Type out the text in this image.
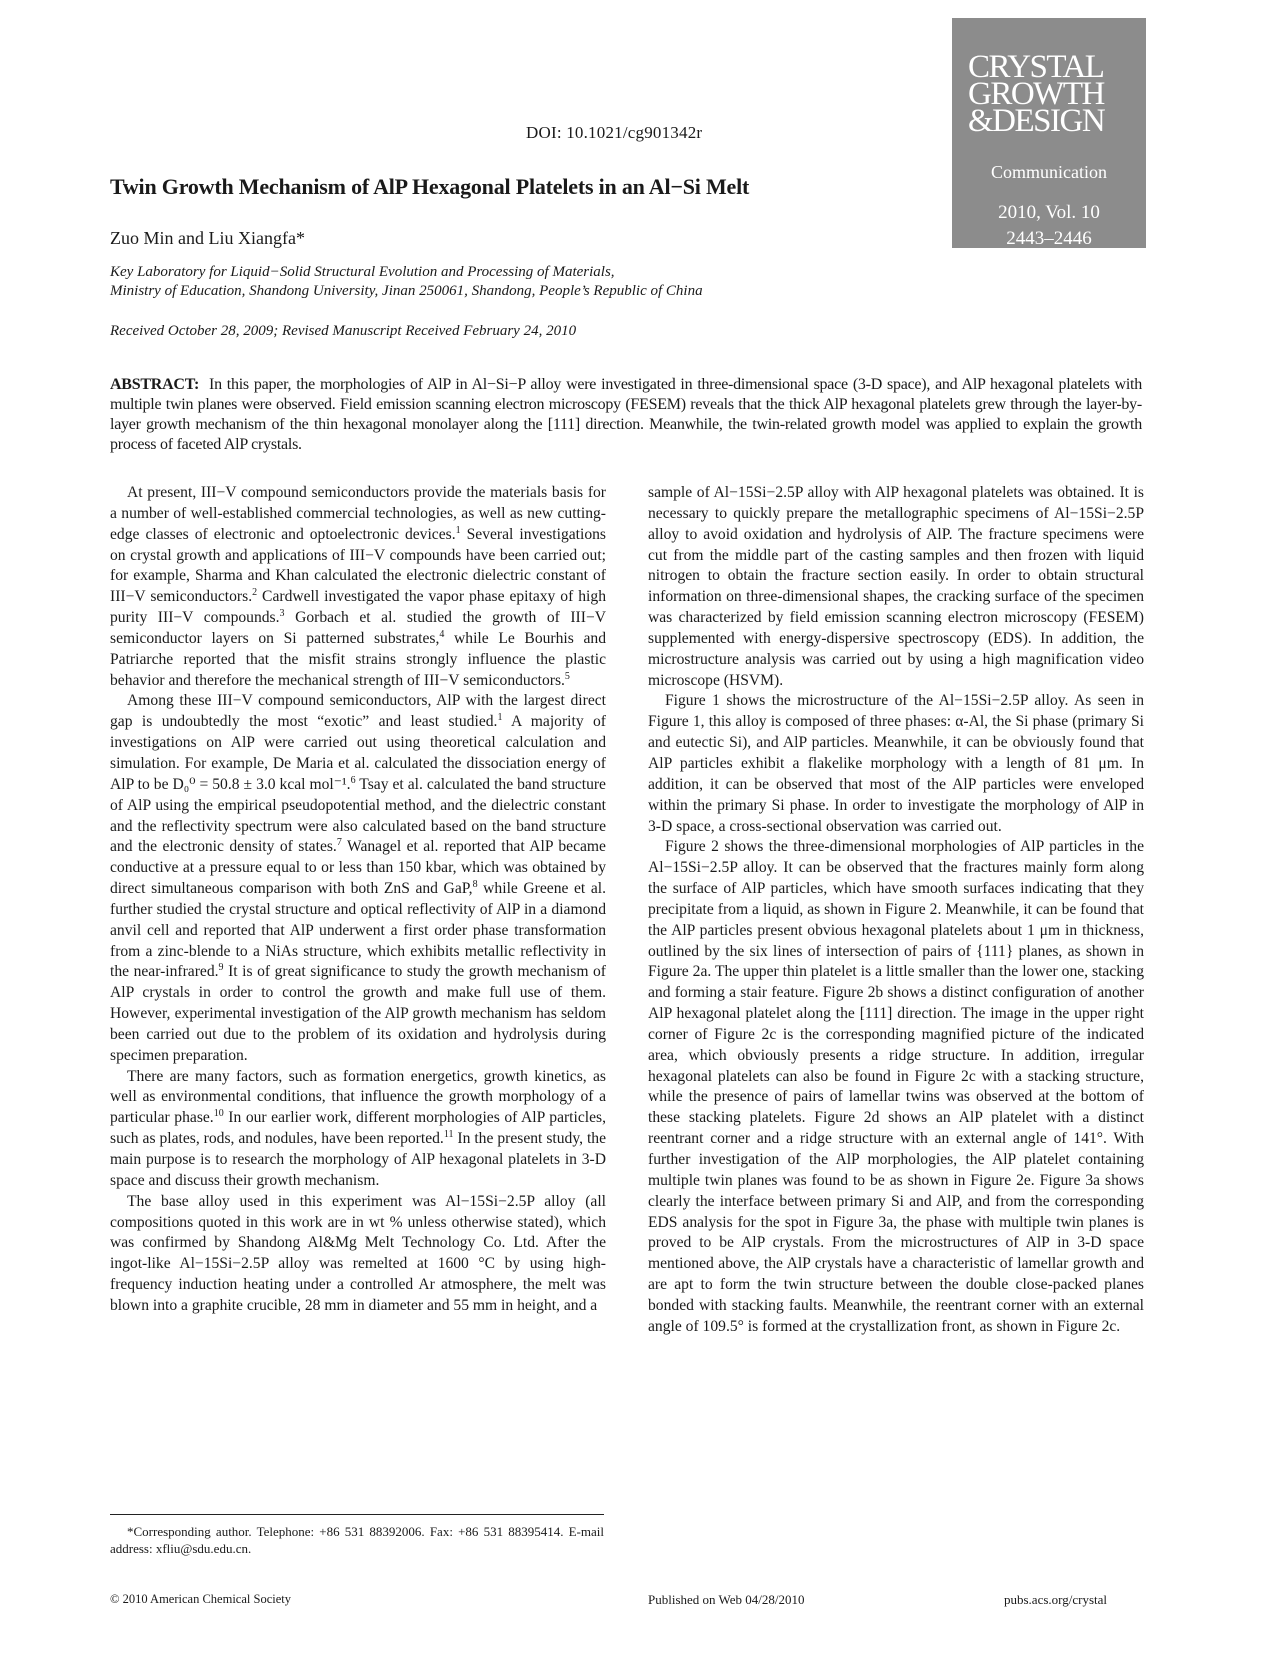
DOI: 10.1021/cg901342r
CRYSTAL
GROWTH
&DESIGN
Communication
2010, Vol. 10
2443–2446
Twin Growth Mechanism of AlP Hexagonal Platelets in an Al−Si Melt
Zuo Min and Liu Xiangfa*
Key Laboratory for Liquid−Solid Structural Evolution and Processing of Materials,
Ministry of Education, Shandong University, Jinan 250061, Shandong, People’s Republic of China
Received October 28, 2009; Revised Manuscript Received February 24, 2010
ABSTRACT: In this paper, the morphologies of AlP in Al−Si−P alloy were investigated in three-dimensional space (3-D space), and AlP hexagonal platelets with multiple twin planes were observed. Field emission scanning electron microscopy (FESEM) reveals that the thick AlP hexagonal platelets grew through the layer-by-layer growth mechanism of the thin hexagonal monolayer along the [111] direction. Meanwhile, the twin-related growth model was applied to explain the growth process of faceted AlP crystals.

At present, III−V compound semiconductors provide the materials basis for a number of well-established commercial technologies, as well as new cutting-edge classes of electronic and optoelectronic devices.$^1$ Several investigations on crystal growth and applications of III−V compounds have been carried out; for example, Sharma and Khan calculated the electronic dielectric constant of III−V semiconductors.$^2$ Cardwell investigated the vapor phase epitaxy of high purity III−V compounds.$^3$ Gorbach et al. studied the growth of III−V semiconductor layers on Si patterned substrates,$^4$ while Le Bourhis and Patriarche reported that the misfit strains strongly influence the plastic behavior and therefore the mechanical strength of III−V semiconductors.$^5$

Among these III−V compound semiconductors, AlP with the largest direct gap is undoubtedly the most “exotic” and least studied.$^1$ A majority of investigations on AlP were carried out using theoretical calculation and simulation. For example, De Maria et al. calculated the dissociation energy of AlP to be D₀⁰ = 50.8 ± 3.0 kcal mol⁻¹.$^6$ Tsay et al. calculated the band structure of AlP using the empirical pseudopotential method, and the dielectric constant and the reflectivity spectrum were also calculated based on the band structure and the electronic density of states.$^7$ Wanagel et al. reported that AlP became conductive at a pressure equal to or less than 150 kbar, which was obtained by direct simultaneous comparison with both ZnS and GaP,$^8$ while Greene et al. further studied the crystal structure and optical reflectivity of AlP in a diamond anvil cell and reported that AlP underwent a first order phase transformation from a zinc-blende to a NiAs structure, which exhibits metallic reflectivity in the near-infrared.$^9$ It is of great significance to study the growth mechanism of AlP crystals in order to control the growth and make full use of them. However, experimental investigation of the AlP growth mechanism has seldom been carried out due to the problem of its oxidation and hydrolysis during specimen preparation.

There are many factors, such as formation energetics, growth kinetics, as well as environmental conditions, that influence the growth morphology of a particular phase.$^{10}$ In our earlier work, different morphologies of AlP particles, such as plates, rods, and nodules, have been reported.$^{11}$ In the present study, the main purpose is to research the morphology of AlP hexagonal platelets in 3-D space and discuss their growth mechanism.

The base alloy used in this experiment was Al−15Si−2.5P alloy (all compositions quoted in this work are in wt % unless otherwise stated), which was confirmed by Shandong Al&Mg Melt Technology Co. Ltd. After the ingot-like Al−15Si−2.5P alloy was remelted at 1600 °C by using high-frequency induction heating under a controlled Ar atmosphere, the melt was blown into a graphite crucible, 28 mm in diameter and 55 mm in height, and a

sample of Al−15Si−2.5P alloy with AlP hexagonal platelets was obtained. It is necessary to quickly prepare the metallographic specimens of Al−15Si−2.5P alloy to avoid oxidation and hydrolysis of AlP. The fracture specimens were cut from the middle part of the casting samples and then frozen with liquid nitrogen to obtain the fracture section easily. In order to obtain structural information on three-dimensional shapes, the cracking surface of the specimen was characterized by field emission scanning electron microscopy (FESEM) supplemented with energy-dispersive spectroscopy (EDS). In addition, the microstructure analysis was carried out by using a high magnification video microscope (HSVM).

Figure 1 shows the microstructure of the Al−15Si−2.5P alloy. As seen in Figure 1, this alloy is composed of three phases: α-Al, the Si phase (primary Si and eutectic Si), and AlP particles. Meanwhile, it can be obviously found that AlP particles exhibit a flakelike morphology with a length of 81 μm. In addition, it can be observed that most of the AlP particles were enveloped within the primary Si phase. In order to investigate the morphology of AlP in 3-D space, a cross-sectional observation was carried out.

Figure 2 shows the three-dimensional morphologies of AlP particles in the Al−15Si−2.5P alloy. It can be observed that the fractures mainly form along the surface of AlP particles, which have smooth surfaces indicating that they precipitate from a liquid, as shown in Figure 2. Meanwhile, it can be found that the AlP particles present obvious hexagonal platelets about 1 μm in thickness, outlined by the six lines of intersection of pairs of {111} planes, as shown in Figure 2a. The upper thin platelet is a little smaller than the lower one, stacking and forming a stair feature. Figure 2b shows a distinct configuration of another AlP hexagonal platelet along the [111] direction. The image in the upper right corner of Figure 2c is the corresponding magnified picture of the indicated area, which obviously presents a ridge structure. In addition, irregular hexagonal platelets can also be found in Figure 2c with a stacking structure, while the presence of pairs of lamellar twins was observed at the bottom of these stacking platelets. Figure 2d shows an AlP platelet with a distinct reentrant corner and a ridge structure with an external angle of 141°. With further investigation of the AlP morphologies, the AlP platelet containing multiple twin planes was found to be as shown in Figure 2e. Figure 3a shows clearly the interface between primary Si and AlP, and from the corresponding EDS analysis for the spot in Figure 3a, the phase with multiple twin planes is proved to be AlP crystals. From the microstructures of AlP in 3-D space mentioned above, the AlP crystals have a characteristic of lamellar growth and are apt to form the twin structure between the double close-packed planes bonded with stacking faults. Meanwhile, the reentrant corner with an external angle of 109.5° is formed at the crystallization front, as shown in Figure 2c.

*Corresponding author. Telephone: +86 531 88392006. Fax: +86 531 88395414. E-mail address: xfliu@sdu.edu.cn.
© 2010 American Chemical Society	Published on Web 04/28/2010	pubs.acs.org/crystal
